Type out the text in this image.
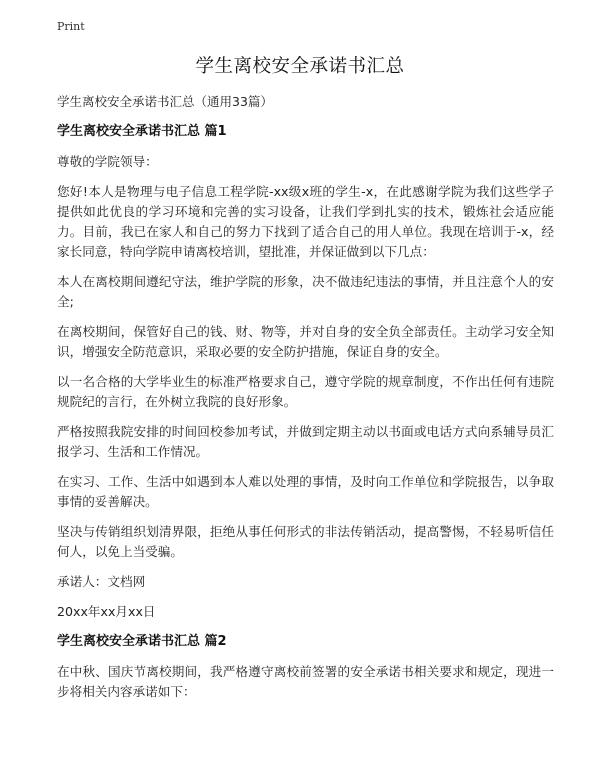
Print
学生离校安全承诺书汇总

学生离校安全承诺书汇总（通用33篇）

学生离校安全承诺书汇总 篇1

尊敬的学院领导：

您好!本人是物理与电子信息工程学院-xx级x班的学生-x，在此感谢学院为我们这些学子提供如此优良的学习环境和完善的实习设备，让我们学到扎实的技术，锻炼社会适应能力。目前，我已在家人和自己的努力下找到了适合自己的用人单位。我现在培训于-x，经家长同意，特向学院申请离校培训，望批准，并保证做到以下几点：

本人在离校期间遵纪守法，维护学院的形象，决不做违纪违法的事情，并且注意个人的安全;

在离校期间，保管好自己的钱、财、物等，并对自身的安全负全部责任。主动学习安全知识，增强安全防范意识，采取必要的安全防护措施，保证自身的安全。

以一名合格的大学毕业生的标准严格要求自己，遵守学院的规章制度，不作出任何有违院规院纪的言行，在外树立我院的良好形象。

严格按照我院安排的时间回校参加考试，并做到定期主动以书面或电话方式向系辅导员汇报学习、生活和工作情况。

在实习、工作、生活中如遇到本人难以处理的事情，及时向工作单位和学院报告，以争取事情的妥善解决。

坚决与传销组织划清界限，拒绝从事任何形式的非法传销活动，提高警惕，不轻易听信任何人，以免上当受骗。

承诺人：文档网

20xx年xx月xx日

学生离校安全承诺书汇总 篇2

在中秋、国庆节离校期间，我严格遵守离校前签署的安全承诺书相关要求和规定，现进一步将相关内容承诺如下：
